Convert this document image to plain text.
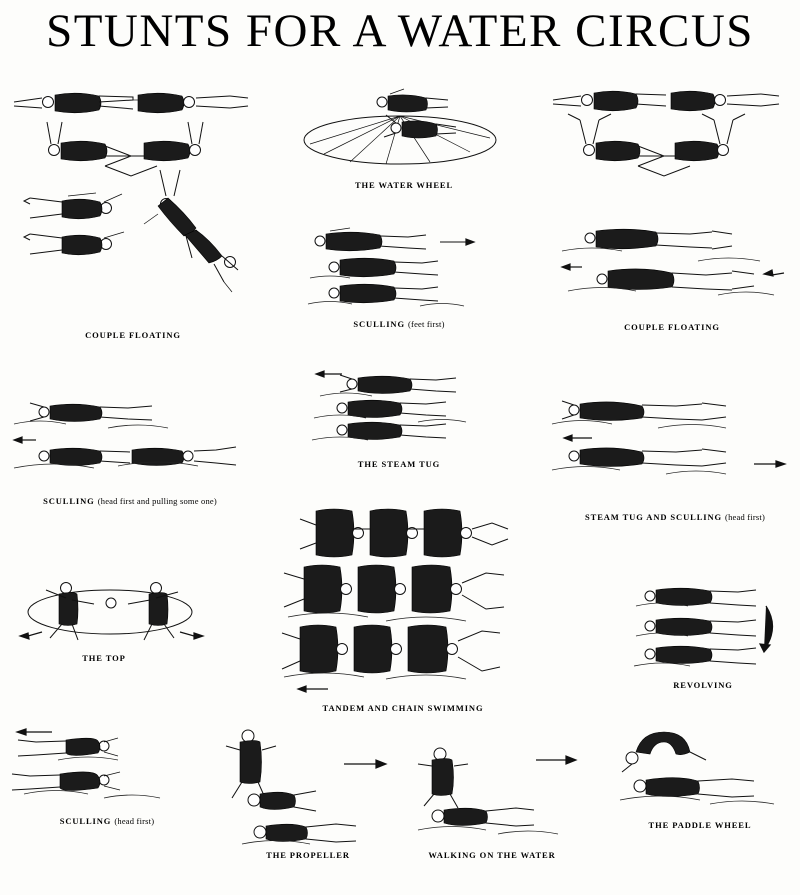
STUNTS FOR A WATER CIRCUS
COUPLE FLOATING
THE WATER WHEEL
COUPLE FLOATING
SCULLING (feet first)
SCULLING (head first and pulling some one)
THE STEAM TUG
STEAM TUG AND SCULLING (head first)
THE TOP
TANDEM AND CHAIN SWIMMING
REVOLVING
SCULLING (head first)
THE PROPELLER	WALKING ON THE WATER
THE PADDLE WHEEL
